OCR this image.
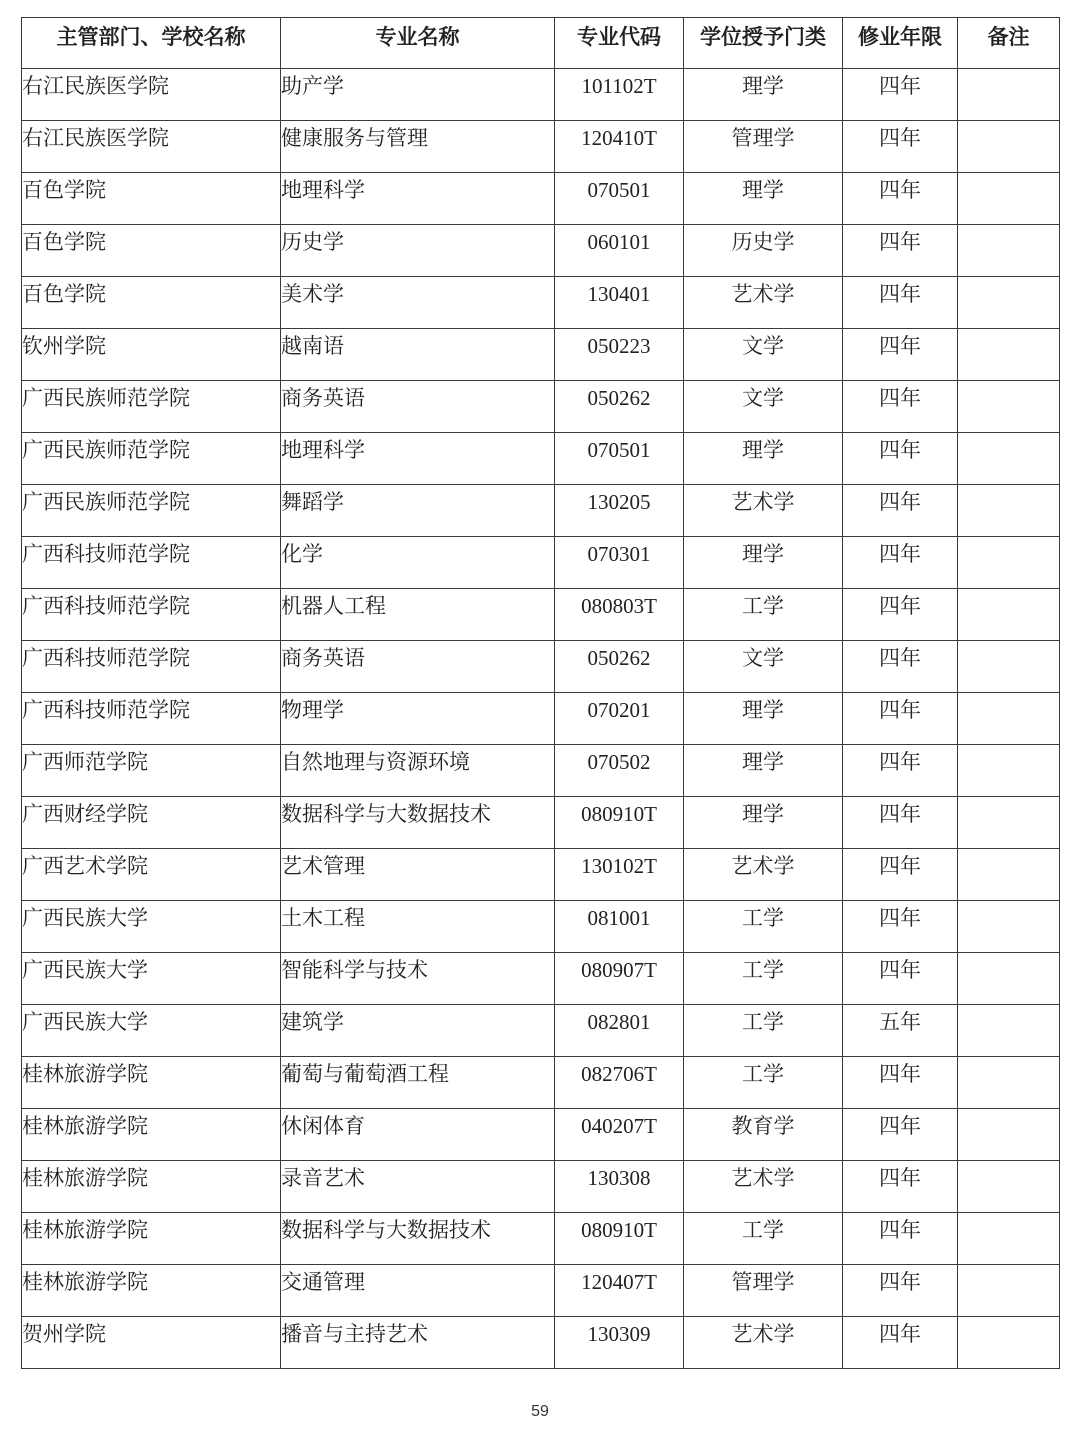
主管部门、学校名称	专业名称	专业代码	学位授予门类	修业年限	备注
右江民族医学院	助产学	101102T	理学	四年	
右江民族医学院	健康服务与管理	120410T	管理学	四年	
百色学院	地理科学	070501	理学	四年	
百色学院	历史学	060101	历史学	四年	
百色学院	美术学	130401	艺术学	四年	
钦州学院	越南语	050223	文学	四年	
广西民族师范学院	商务英语	050262	文学	四年	
广西民族师范学院	地理科学	070501	理学	四年	
广西民族师范学院	舞蹈学	130205	艺术学	四年	
广西科技师范学院	化学	070301	理学	四年	
广西科技师范学院	机器人工程	080803T	工学	四年	
广西科技师范学院	商务英语	050262	文学	四年	
广西科技师范学院	物理学	070201	理学	四年	
广西师范学院	自然地理与资源环境	070502	理学	四年	
广西财经学院	数据科学与大数据技术	080910T	理学	四年	
广西艺术学院	艺术管理	130102T	艺术学	四年	
广西民族大学	土木工程	081001	工学	四年	
广西民族大学	智能科学与技术	080907T	工学	四年	
广西民族大学	建筑学	082801	工学	五年	
桂林旅游学院	葡萄与葡萄酒工程	082706T	工学	四年	
桂林旅游学院	休闲体育	040207T	教育学	四年	
桂林旅游学院	录音艺术	130308	艺术学	四年	
桂林旅游学院	数据科学与大数据技术	080910T	工学	四年	
桂林旅游学院	交通管理	120407T	管理学	四年	
贺州学院	播音与主持艺术	130309	艺术学	四年	
59
